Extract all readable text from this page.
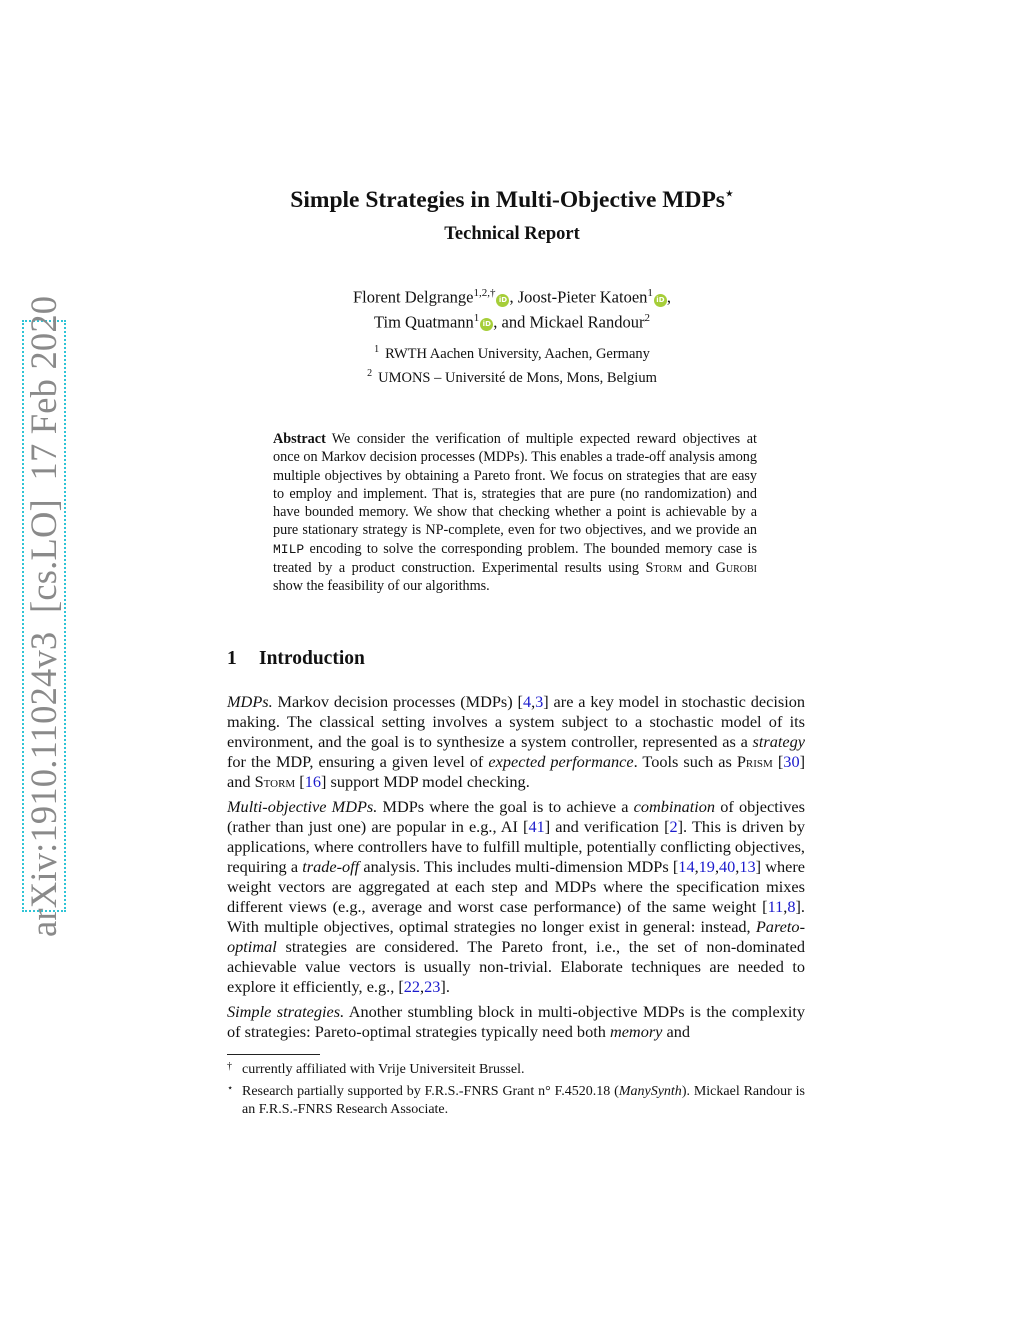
arXiv:1910.11024v3  [cs.LO]  17 Feb 2020
Simple Strategies in Multi-Objective MDPs⋆
Technical Report
Florent Delgrange$^{1,2,\dagger}$iD , Joost-Pieter Katoen$^1$iD ,
Tim Quatmann$^1$iD , and Mickael Randour$^2$
$^1$ RWTH Aachen University, Aachen, Germany
$^2$ UMONS – Université de Mons, Mons, Belgium
Abstract We consider the verification of multiple expected reward objectives at once on Markov decision processes (MDPs). This enables a trade-off analysis among multiple objectives by obtaining a Pareto front. We focus on strategies that are easy to employ and implement. That is, strategies that are pure (no randomization) and have bounded memory. We show that checking whether a point is achievable by a pure stationary strategy is NP-complete, even for two objectives, and we provide an MILP encoding to solve the corresponding problem. The bounded memory case is treated by a product construction. Experimental results using Storm and Gurobi show the feasibility of our algorithms.
1 Introduction

MDPs. Markov decision processes (MDPs) [4,3] are a key model in stochastic decision making. The classical setting involves a system subject to a stochastic model of its environment, and the goal is to synthesize a system controller, represented as a strategy for the MDP, ensuring a given level of expected performance. Tools such as Prism [30] and Storm [16] support MDP model checking.

Multi-objective MDPs. MDPs where the goal is to achieve a combination of objectives (rather than just one) are popular in e.g., AI [41] and verification [2]. This is driven by applications, where controllers have to fulfill multiple, potentially conflicting objectives, requiring a trade-off analysis. This includes multi-dimension MDPs [14,19,40,13] where weight vectors are aggregated at each step and MDPs where the specification mixes different views (e.g., average and worst case performance) of the same weight [11,8]. With multiple objectives, optimal strategies no longer exist in general: instead, Pareto-optimal strategies are considered. The Pareto front, i.e., the set of non-dominated achievable value vectors is usually non-trivial. Elaborate techniques are needed to explore it efficiently, e.g., [22,23].

Simple strategies. Another stumbling block in multi-objective MDPs is the complexity of strategies: Pareto-optimal strategies typically need both memory and

† currently affiliated with Vrije Universiteit Brussel.
⋆ Research partially supported by F.R.S.-FNRS Grant n° F.4520.18 (ManySynth). Mickael Randour is an F.R.S.-FNRS Research Associate.
